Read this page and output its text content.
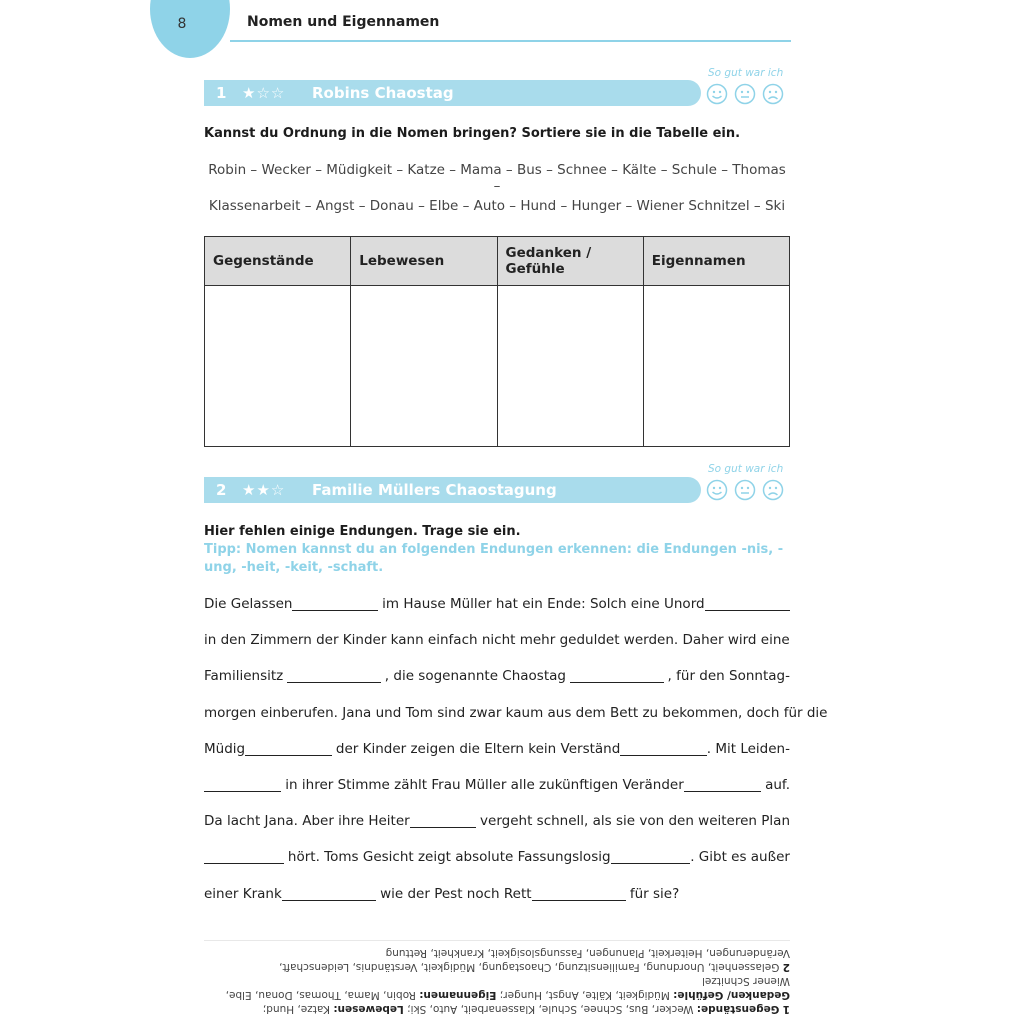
8	Nomen und Eigennamen
So gut war ich
1	★☆☆	Robins Chaostag
Kannst du Ordnung in die Nomen bringen? Sortiere sie in die Tabelle ein.
Robin – Wecker – Müdigkeit – Katze – Mama – Bus – Schnee – Kälte – Schule – Thomas –
Klassenarbeit – Angst – Donau – Elbe – Auto – Hund – Hunger – Wiener Schnitzel – Ski
Gegenstände	Lebewesen	Gedanken / Gefühle	Eigennamen

So gut war ich
2	★★☆	Familie Müllers Chaostagung
Hier fehlen einige Endungen. Trage sie ein.
Tipp: Nomen kannst du an folgenden Endungen erkennen: die Endungen -nis, -ung, -heit, -keit, -schaft.
Die Gelassen	im Hause Müller hat ein Ende: Solch eine Unord
in den Zimmern der Kinder kann einfach nicht mehr geduldet werden. Daher wird eine
Familiensitz	, die sogenannte Chaostag	, für den Sonntag-
morgen einberufen. Jana und Tom sind zwar kaum aus dem Bett zu bekommen, doch für die
Müdig	der Kinder zeigen die Eltern kein Verständ	. Mit Leiden-
in ihrer Stimme zählt Frau Müller alle zukünftigen Veränder	auf.
Da lacht Jana. Aber ihre Heiter	vergeht schnell, als sie von den weiteren Plan
hört. Toms Gesicht zeigt absolute Fassungslosig	. Gibt es außer
einer Krank	wie der Pest noch Rett	für sie?
1 Gegenstände: Wecker, Bus, Schnee, Schule, Klassenarbeit, Auto, Ski; Lebewesen: Katze, Hund; Gedanken/ Gefühle: Müdigkeit, Kälte, Angst, Hunger; Eigennamen: Robin, Mama, Thomas, Donau, Elbe, Wiener Schnitzel
2 Gelassenheit, Unordnung, Familiensitzung, Chaostagung, Müdigkeit, Verständnis, Leidenschaft, Veränderungen, Heiterkeit, Planungen, Fassungslosigkeit, Krankheit, Rettung
